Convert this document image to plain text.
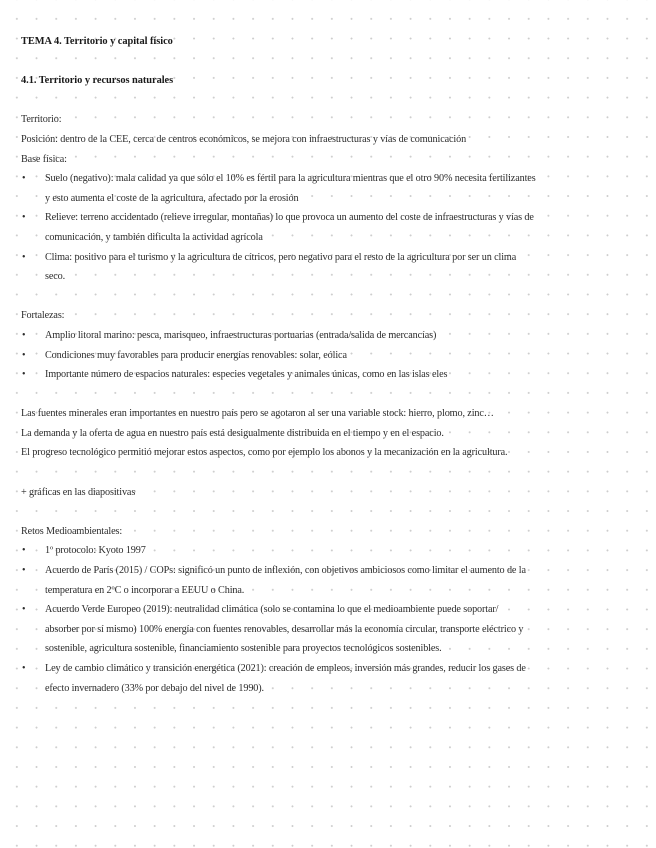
TEMA 4. Territorio y capital físico
4.1. Territorio y recursos naturales
Territorio:
Posición: dentro de la CEE, cerca de centros económicos, se mejora con infraestructuras y vías de comunicación
Base física:
• Suelo (negativo): mala calidad ya que sólo el 10% es fértil para la agricultura mientras que el otro 90% necesita fertilizantes
y esto aumenta el coste de la agricultura, afectado por la erosión
• Relieve: terreno accidentado (relieve irregular, montañas) lo que provoca un aumento del coste de infraestructuras y vías de
comunicación, y también dificulta la actividad agrícola
• Clima: positivo para el turismo y la agricultura de cítricos, pero negativo para el resto de la agricultura por ser un clima
seco.
Fortalezas:
• Amplio litoral marino: pesca, marisqueo, infraestructuras portuarias (entrada/salida de mercancías)
• Condiciones muy favorables para producir energías renovables: solar, eólica
• Importante número de espacios naturales: especies vegetales y animales únicas, como en las islas eles
Las fuentes minerales eran importantes en nuestro país pero se agotaron al ser una variable stock: hierro, plomo, zinc…
La demanda y la oferta de agua en nuestro país está desigualmente distribuida en el tiempo y en el espacio.
El progreso tecnológico permitió mejorar estos aspectos, como por ejemplo los abonos y la mecanización en la agricultura.
+ gráficas en las diapositivas
Retos Medioambientales:
• 1º protocolo: Kyoto 1997
• Acuerdo de París (2015) / COPs: significó un punto de inflexión, con objetivos ambiciosos como limitar el aumento de la
temperatura en 2ºC o incorporar a EEUU o China.
• Acuerdo Verde Europeo (2019): neutralidad climática (solo se contamina lo que el medioambiente puede soportar/
absorber por sí mismo) 100% energía con fuentes renovables, desarrollar más la economía circular, transporte eléctrico y
sostenible, agricultura sostenible, financiamiento sostenible para proyectos tecnológicos sostenibles.
• Ley de cambio climático y transición energética (2021): creación de empleos, inversión más grandes, reducir los gases de
efecto invernadero (33% por debajo del nivel de 1990).
